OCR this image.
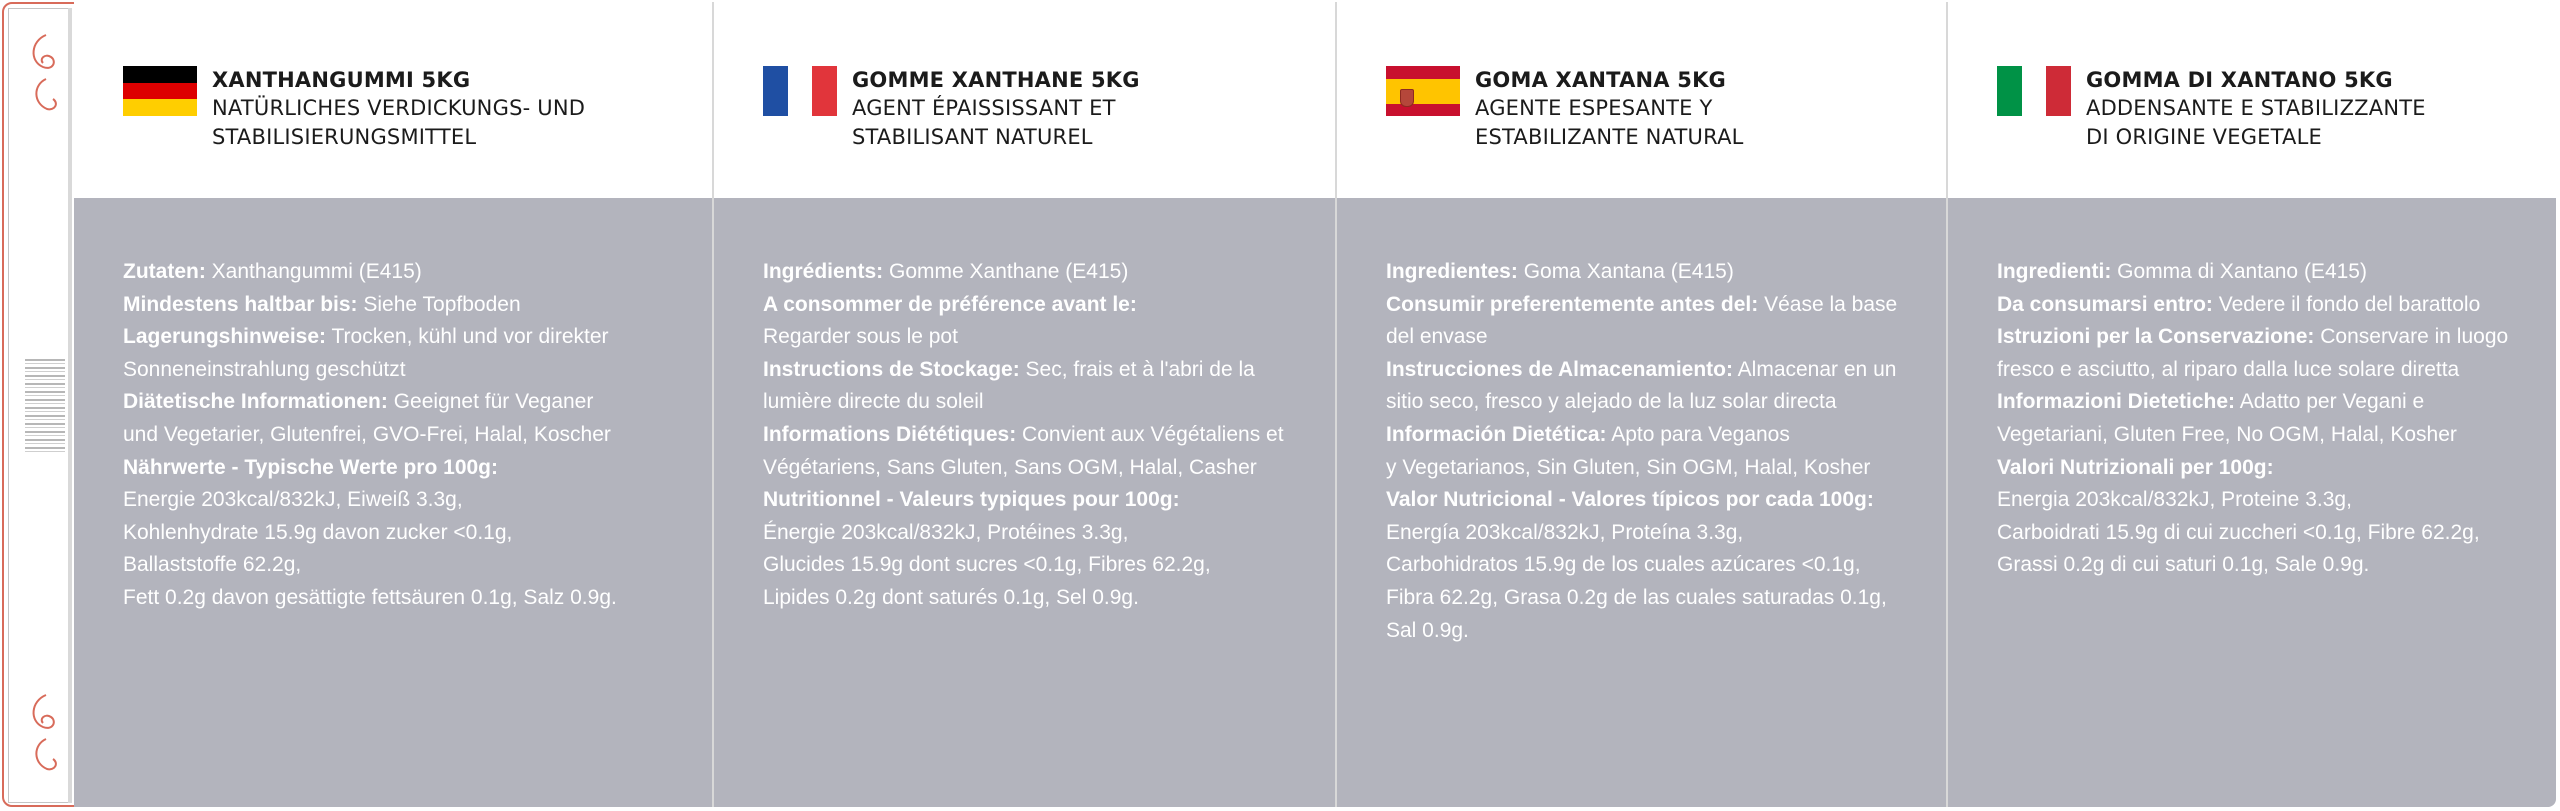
XANTHANGUMMI 5KG
NATÜRLICHES VERDICKUNGS- UND
STABILISIERUNGSMITTEL
Zutaten: Xanthangummi (E415)
Mindestens haltbar bis: Siehe Topfboden
Lagerungshinweise: Trocken, kühl und vor direkter
Sonneneinstrahlung geschützt
Diätetische Informationen: Geeignet für Veganer
und Vegetarier, Glutenfrei, GVO-Frei, Halal, Koscher
Nährwerte - Typische Werte pro 100g:
Energie 203kcal/832kJ, Eiweiß 3.3g,
Kohlenhydrate 15.9g davon zucker <0.1g,
Ballaststoffe 62.2g,
Fett 0.2g davon gesättigte fettsäuren 0.1g, Salz 0.9g.
GOMME XANTHANE 5KG
AGENT ÉPAISSISSANT ET
STABILISANT NATUREL
Ingrédients: Gomme Xanthane (E415)
A consommer de préférence avant le:
Regarder sous le pot
Instructions de Stockage: Sec, frais et à l'abri de la
lumière directe du soleil
Informations Diététiques: Convient aux Végétaliens et
Végétariens, Sans Gluten, Sans OGM, Halal, Casher
Nutritionnel - Valeurs typiques pour 100g:
Énergie 203kcal/832kJ, Protéines 3.3g,
Glucides 15.9g dont sucres <0.1g, Fibres 62.2g,
Lipides 0.2g dont saturés 0.1g, Sel 0.9g.
GOMA XANTANA 5KG
AGENTE ESPESANTE Y
ESTABILIZANTE NATURAL
Ingredientes: Goma Xantana (E415)
Consumir preferentemente antes del: Véase la base
del envase
Instrucciones de Almacenamiento: Almacenar en un
sitio seco, fresco y alejado de la luz solar directa
Información Dietética: Apto para Veganos
y Vegetarianos, Sin Gluten, Sin OGM, Halal, Kosher
Valor Nutricional - Valores típicos por cada 100g:
Energía 203kcal/832kJ, Proteína 3.3g,
Carbohidratos 15.9g de los cuales azúcares <0.1g,
Fibra 62.2g, Grasa 0.2g de las cuales saturadas 0.1g,
Sal 0.9g.
GOMMA DI XANTANO 5KG
ADDENSANTE E STABILIZZANTE
DI ORIGINE VEGETALE
Ingredienti: Gomma di Xantano (E415)
Da consumarsi entro: Vedere il fondo del barattolo
Istruzioni per la Conservazione: Conservare in luogo
fresco e asciutto, al riparo dalla luce solare diretta
Informazioni Dietetiche: Adatto per Vegani e
Vegetariani, Gluten Free, No OGM, Halal, Kosher
Valori Nutrizionali per 100g:
Energia 203kcal/832kJ, Proteine 3.3g,
Carboidrati 15.9g di cui zuccheri <0.1g, Fibre 62.2g,
Grassi 0.2g di cui saturi 0.1g, Sale 0.9g.
